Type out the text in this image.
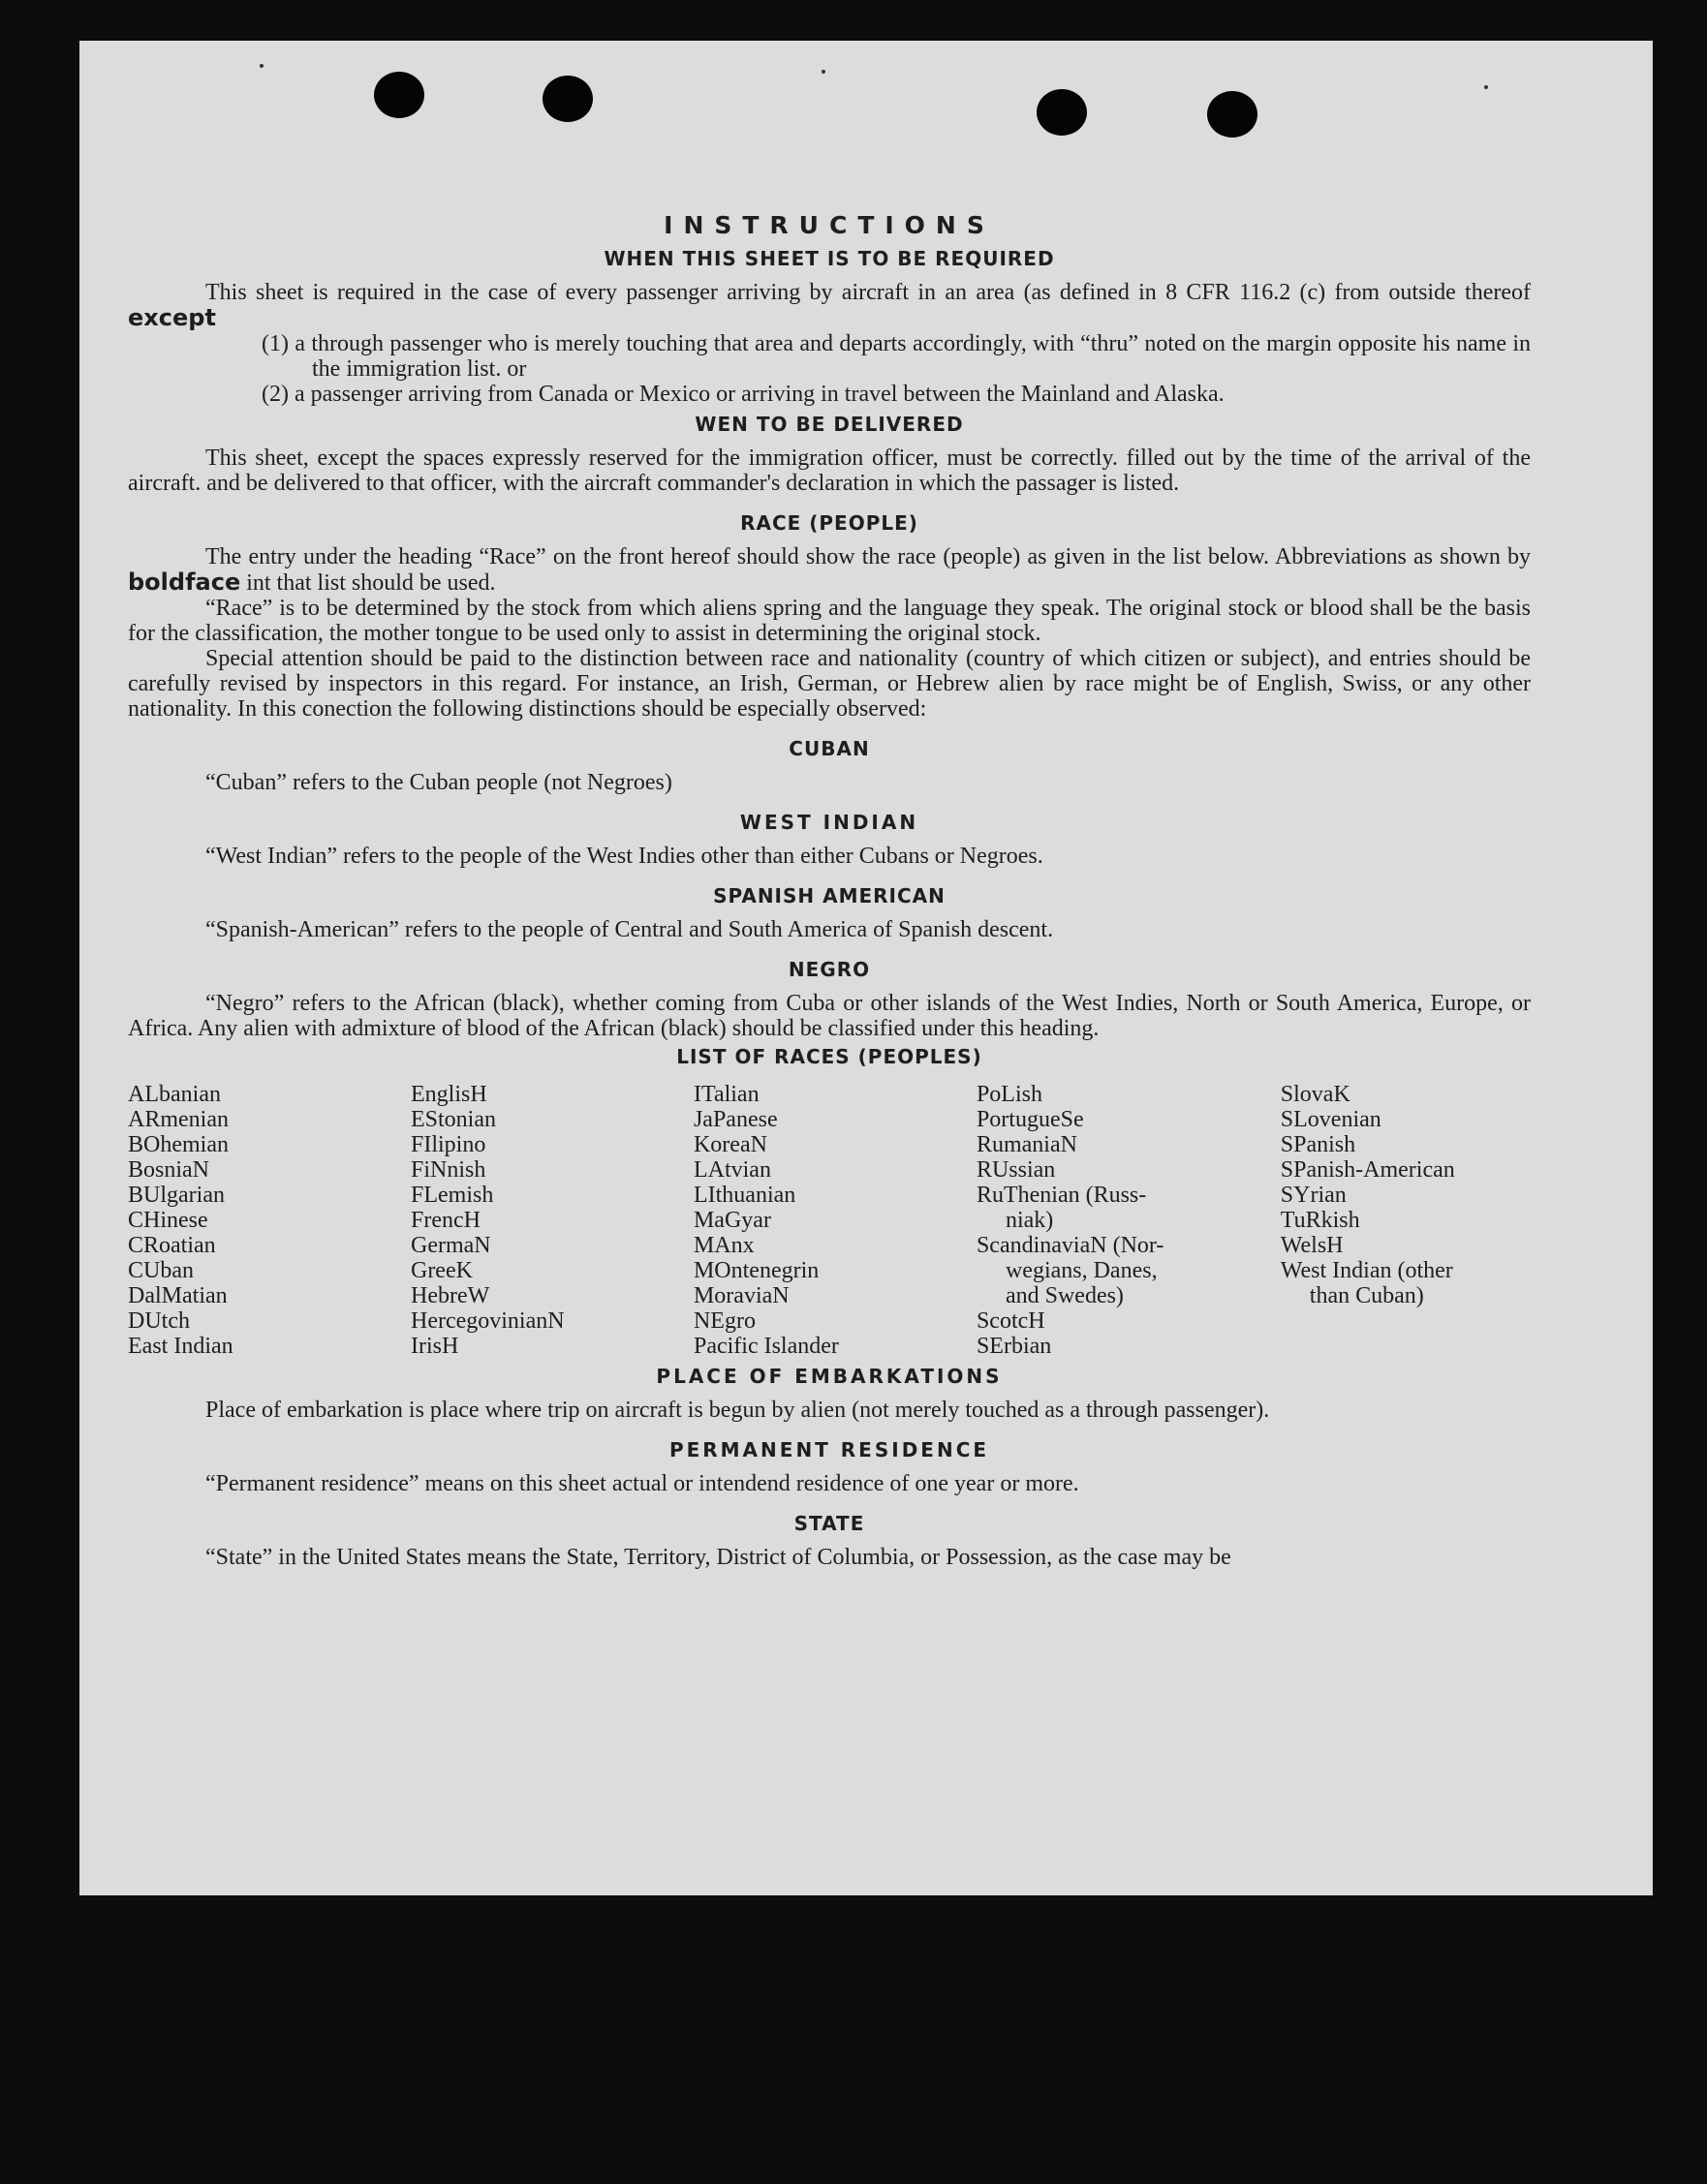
INSTRUCTIONS
WHEN THIS SHEET IS TO BE REQUIRED

This sheet is required in the case of every passenger arriving by aircraft in an area (as defined in 8 CFR 116.2 (c) from outside thereof except

(1) a through passenger who is merely touching that area and departs accordingly, with “thru” noted on the margin opposite his name in the immigration list. or

(2) a passenger arriving from Canada or Mexico or arriving in travel between the Mainland and Alaska.

WEN TO BE DELIVERED

This sheet, except the spaces expressly reserved for the immigration officer, must be correctly. filled out by the time of the arrival of the aircraft. and be delivered to that officer, with the aircraft commander's declaration in which the passager is listed.

RACE (PEOPLE)

The entry under the heading “Race” on the front hereof should show the race (people) as given in the list below. Abbreviations as shown by boldface int that list should be used.

“Race” is to be determined by the stock from which aliens spring and the language they speak. The original stock or blood shall be the basis for the classification, the mother tongue to be used only to assist in determining the original stock.

Special attention should be paid to the distinction between race and nationality (country of which citizen or subject), and entries should be carefully revised by inspectors in this regard. For instance, an Irish, German, or Hebrew alien by race might be of English, Swiss, or any other nationality. In this conection the following distinctions should be especially observed:

CUBAN

“Cuban” refers to the Cuban people (not Negroes)

WEST INDIAN

“West Indian” refers to the people of the West Indies other than either Cubans or Negroes.

SPANISH AMERICAN

“Spanish-American” refers to the people of Central and South America of Spanish descent.

NEGRO

“Negro” refers to the African (black), whether coming from Cuba or other islands of the West Indies, North or South America, Europe, or Africa. Any alien with admixture of blood of the African (black) should be classified under this heading.

LIST OF RACES (PEOPLES)
ALbanian
ARmenian
BOhemian
BosniaN
BUlgarian
CHinese
CRoatian
CUban
DalMatian
DUtch
East Indian
EnglisH
EStonian
FIlipino
FiNnish
FLemish
FrencH
GermaN
GreeK
HebreW
HercegovinianN
IrisH
ITalian
JaPanese
KoreaN
LAtvian
LIthuanian
MaGyar
MAnx
MOntenegrin
MoraviaN
NEgro
Pacific Islander
PoLish
PortugueSe
RumaniaN
RUssian
RuThenian (Russ-
niak)
ScandinaviaN (Nor-
wegians, Danes,
and Swedes)
ScotcH
SErbian
SlovaK
SLovenian
SPanish
SPanish-American
SYrian
TuRkish
WelsH
West Indian (other
than Cuban)
PLACE OF EMBARKATIONS

Place of embarkation is place where trip on aircraft is begun by alien (not merely touched as a through passenger).

PERMANENT RESIDENCE

“Permanent residence” means on this sheet actual or intendend residence of one year or more.

STATE

“State” in the United States means the State, Territory, District of Columbia, or Possession, as the case may be
